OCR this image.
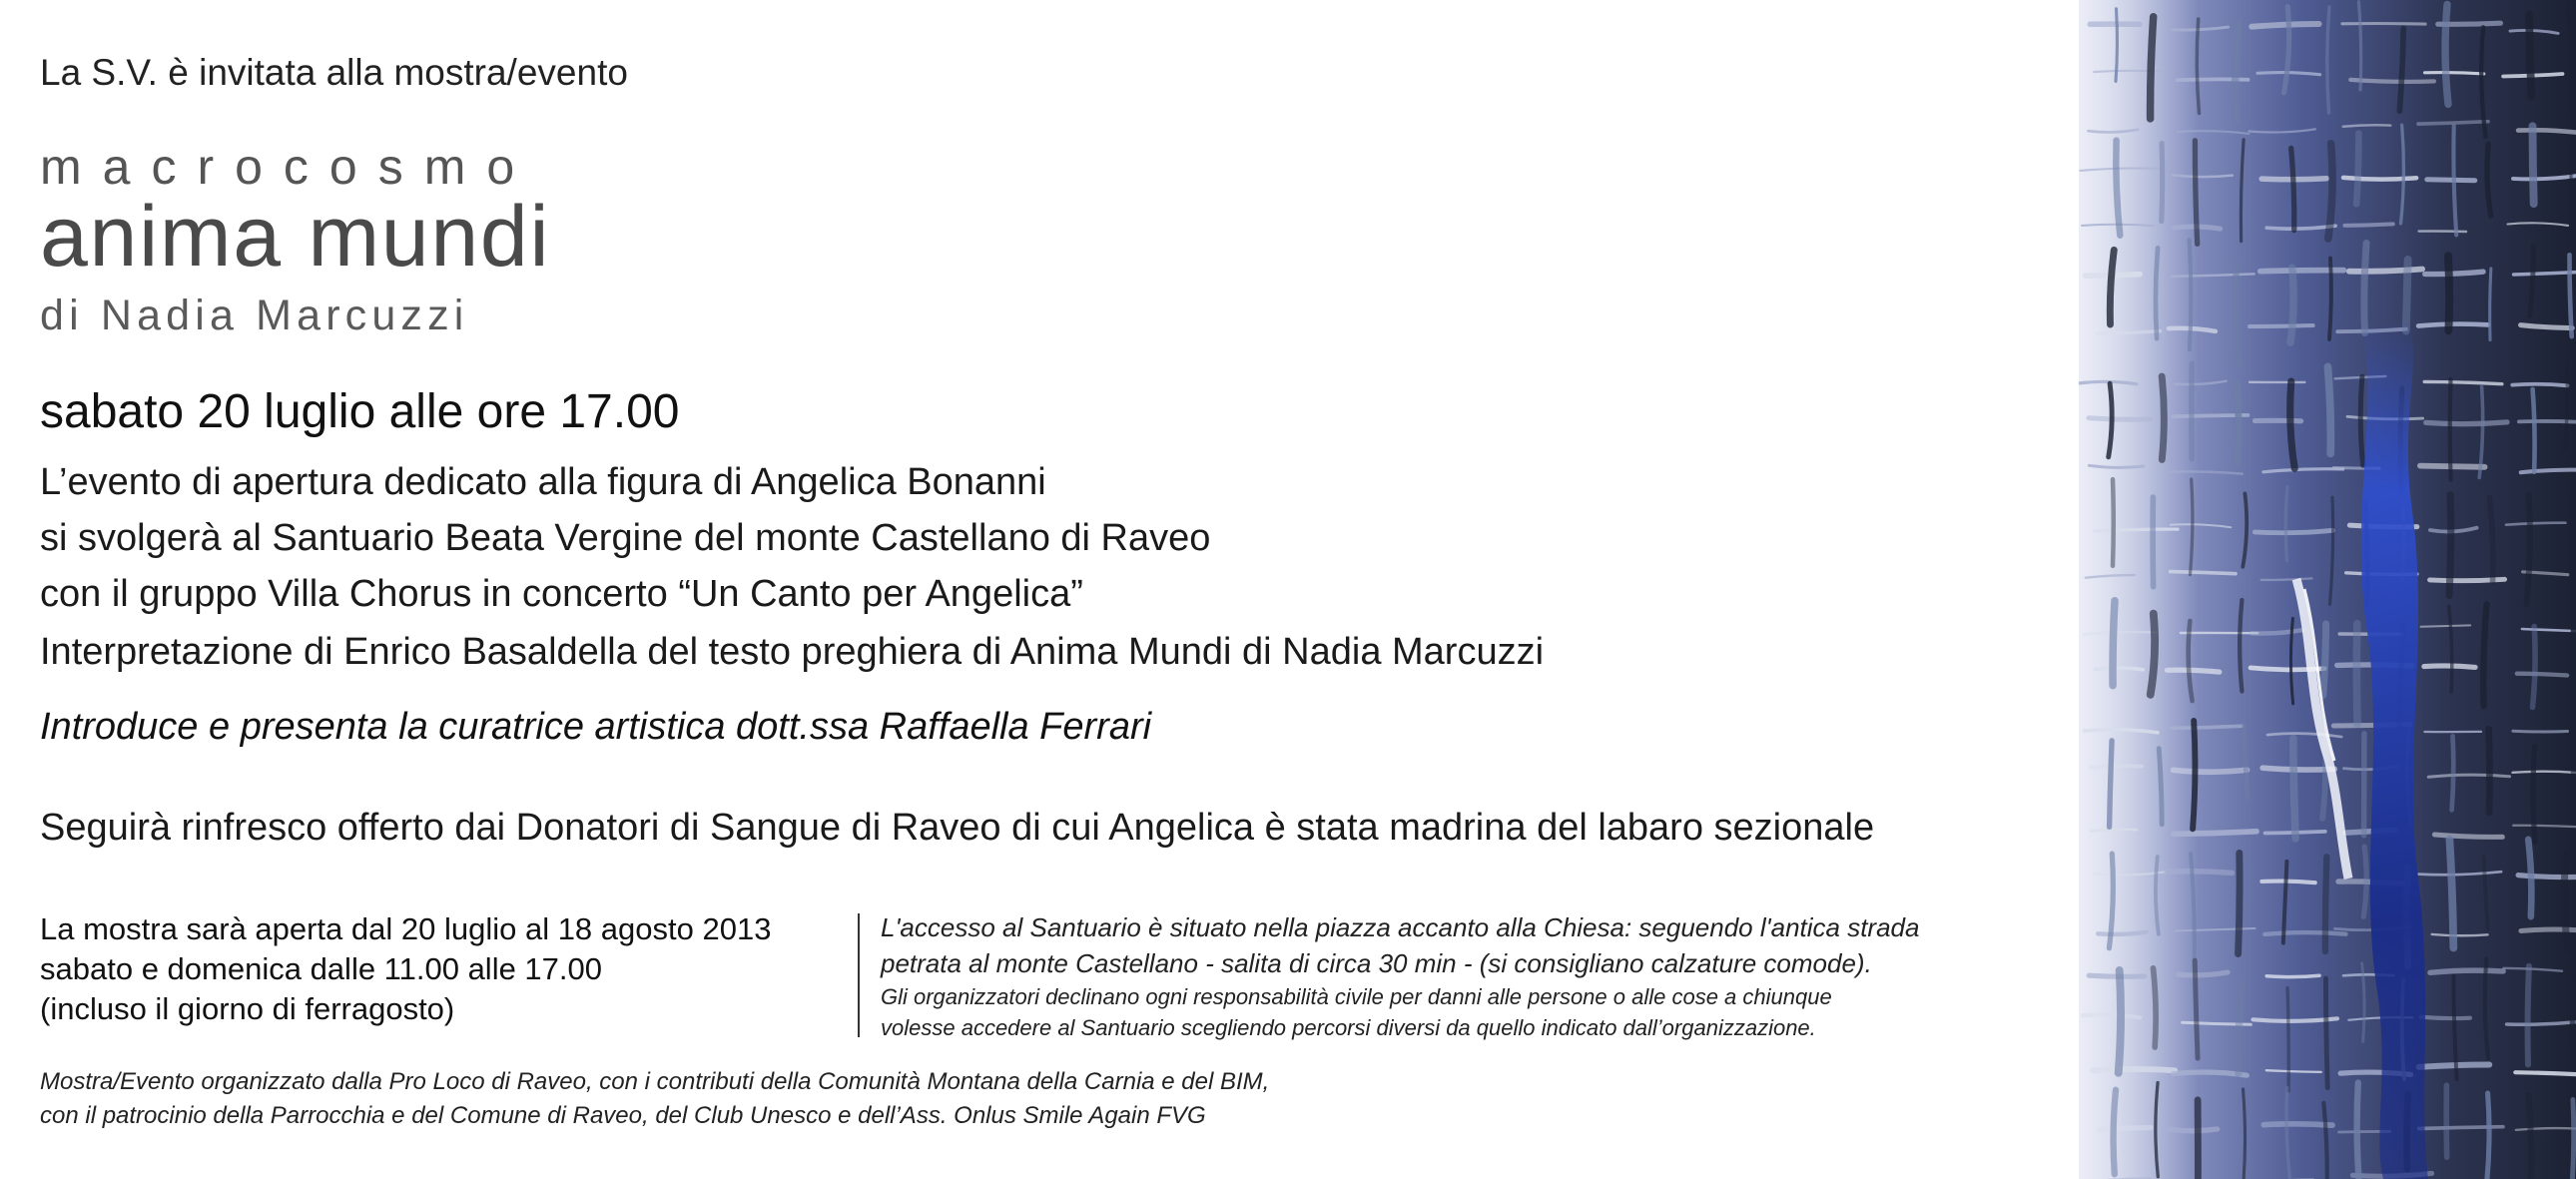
La S.V. è invitata alla mostra/evento
macrocosmo
anima mundi
di Nadia Marcuzzi
sabato 20 luglio alle ore 17.00
L’evento di apertura dedicato alla figura di Angelica Bonanni
si svolgerà al Santuario Beata Vergine del monte Castellano di Raveo
con il gruppo Villa Chorus in concerto “Un Canto per Angelica”
Interpretazione di Enrico Basaldella del testo preghiera di Anima Mundi di Nadia Marcuzzi
Introduce e presenta la curatrice artistica dott.ssa Raffaella Ferrari
Seguirà rinfresco offerto dai Donatori di Sangue di Raveo di cui Angelica è stata madrina del labaro sezionale
La mostra sarà aperta dal 20 luglio al 18 agosto 2013
sabato e domenica dalle 11.00 alle 17.00
(incluso il giorno di ferragosto)
L'accesso al Santuario è situato nella piazza accanto alla Chiesa: seguendo l'antica strada
petrata al monte Castellano - salita di circa 30 min - (si consigliano calzature comode).
Gli organizzatori declinano ogni responsabilità civile per danni alle persone o alle cose a chiunque
volesse accedere al Santuario scegliendo percorsi diversi da quello indicato dall’organizzazione.
Mostra/Evento organizzato dalla Pro Loco di Raveo, con i contributi della Comunità Montana della Carnia e del BIM,
con il patrocinio della Parrocchia e del Comune di Raveo, del Club Unesco e dell’Ass. Onlus Smile Again FVG
